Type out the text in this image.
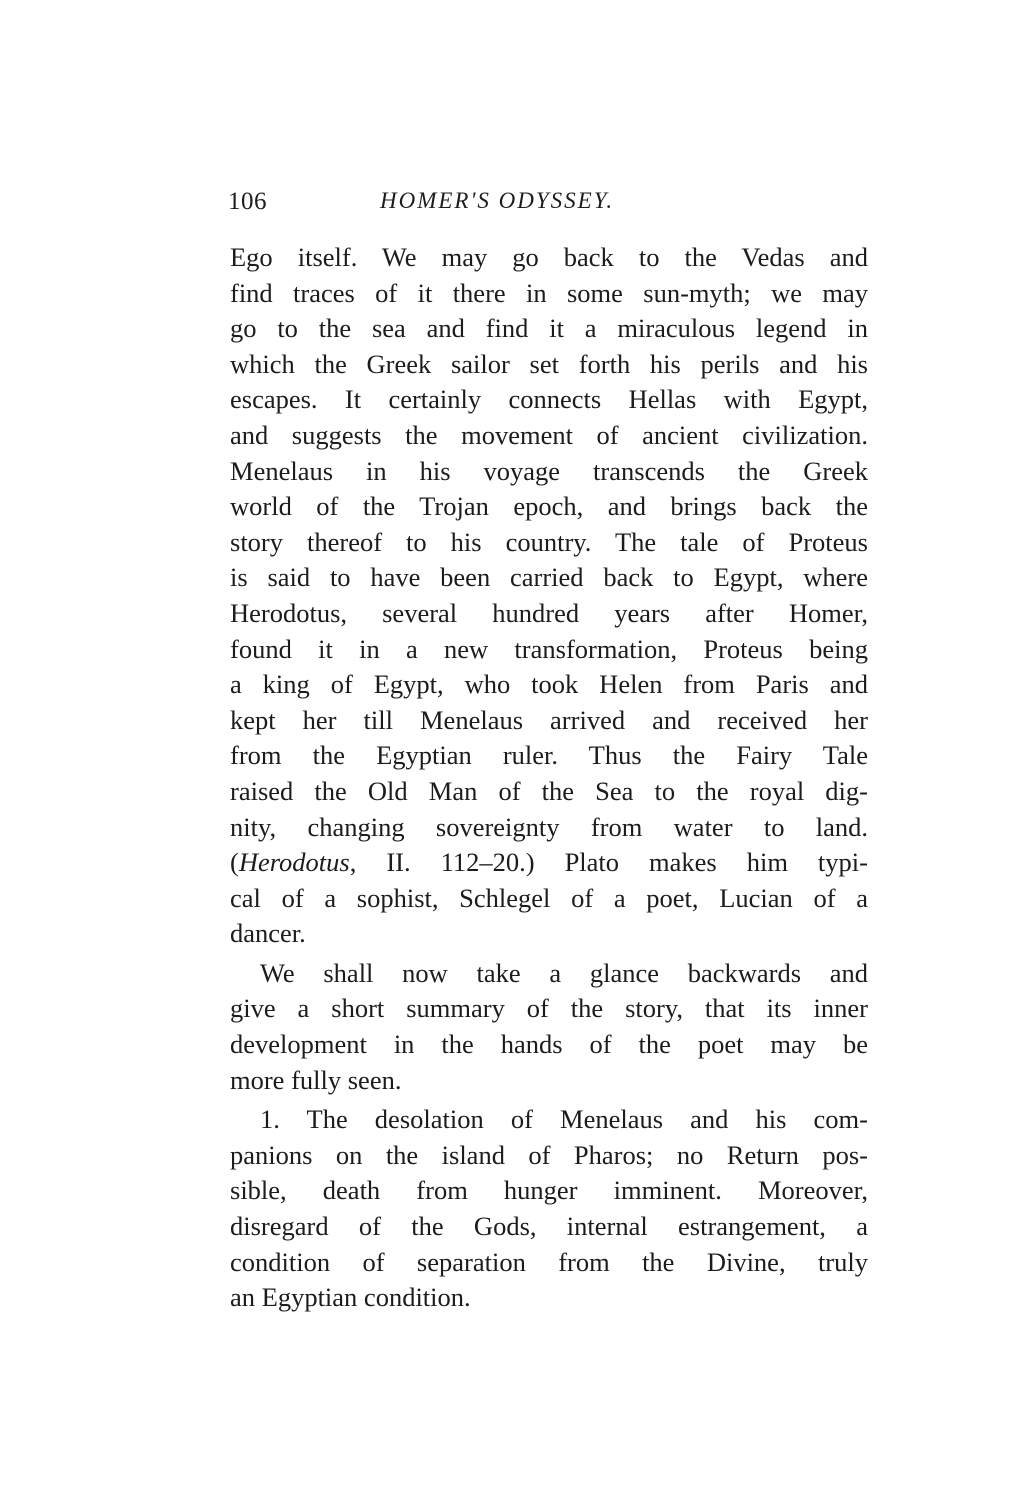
106	HOMER'S ODYSSEY.
Ego itself. We may go back to the Vedas and
find traces of it there in some sun-myth; we may
go to the sea and find it a miraculous legend in
which the Greek sailor set forth his perils and his
escapes. It certainly connects Hellas with Egypt,
and suggests the movement of ancient civilization.
Menelaus in his voyage transcends the Greek
world of the Trojan epoch, and brings back the
story thereof to his country. The tale of Proteus
is said to have been carried back to Egypt, where
Herodotus, several hundred years after Homer,
found it in a new transformation, Proteus being
a king of Egypt, who took Helen from Paris and
kept her till Menelaus arrived and received her
from the Egyptian ruler. Thus the Fairy Tale
raised the Old Man of the Sea to the royal dig-
nity, changing sovereignty from water to land.
(Herodotus, II. 112–20.) Plato makes him typi-
cal of a sophist, Schlegel of a poet, Lucian of a
dancer.
We shall now take a glance backwards and
give a short summary of the story, that its inner
development in the hands of the poet may be
more fully seen.
1. The desolation of Menelaus and his com-
panions on the island of Pharos; no Return pos-
sible, death from hunger imminent. Moreover,
disregard of the Gods, internal estrangement, a
condition of separation from the Divine, truly
an Egyptian condition.
